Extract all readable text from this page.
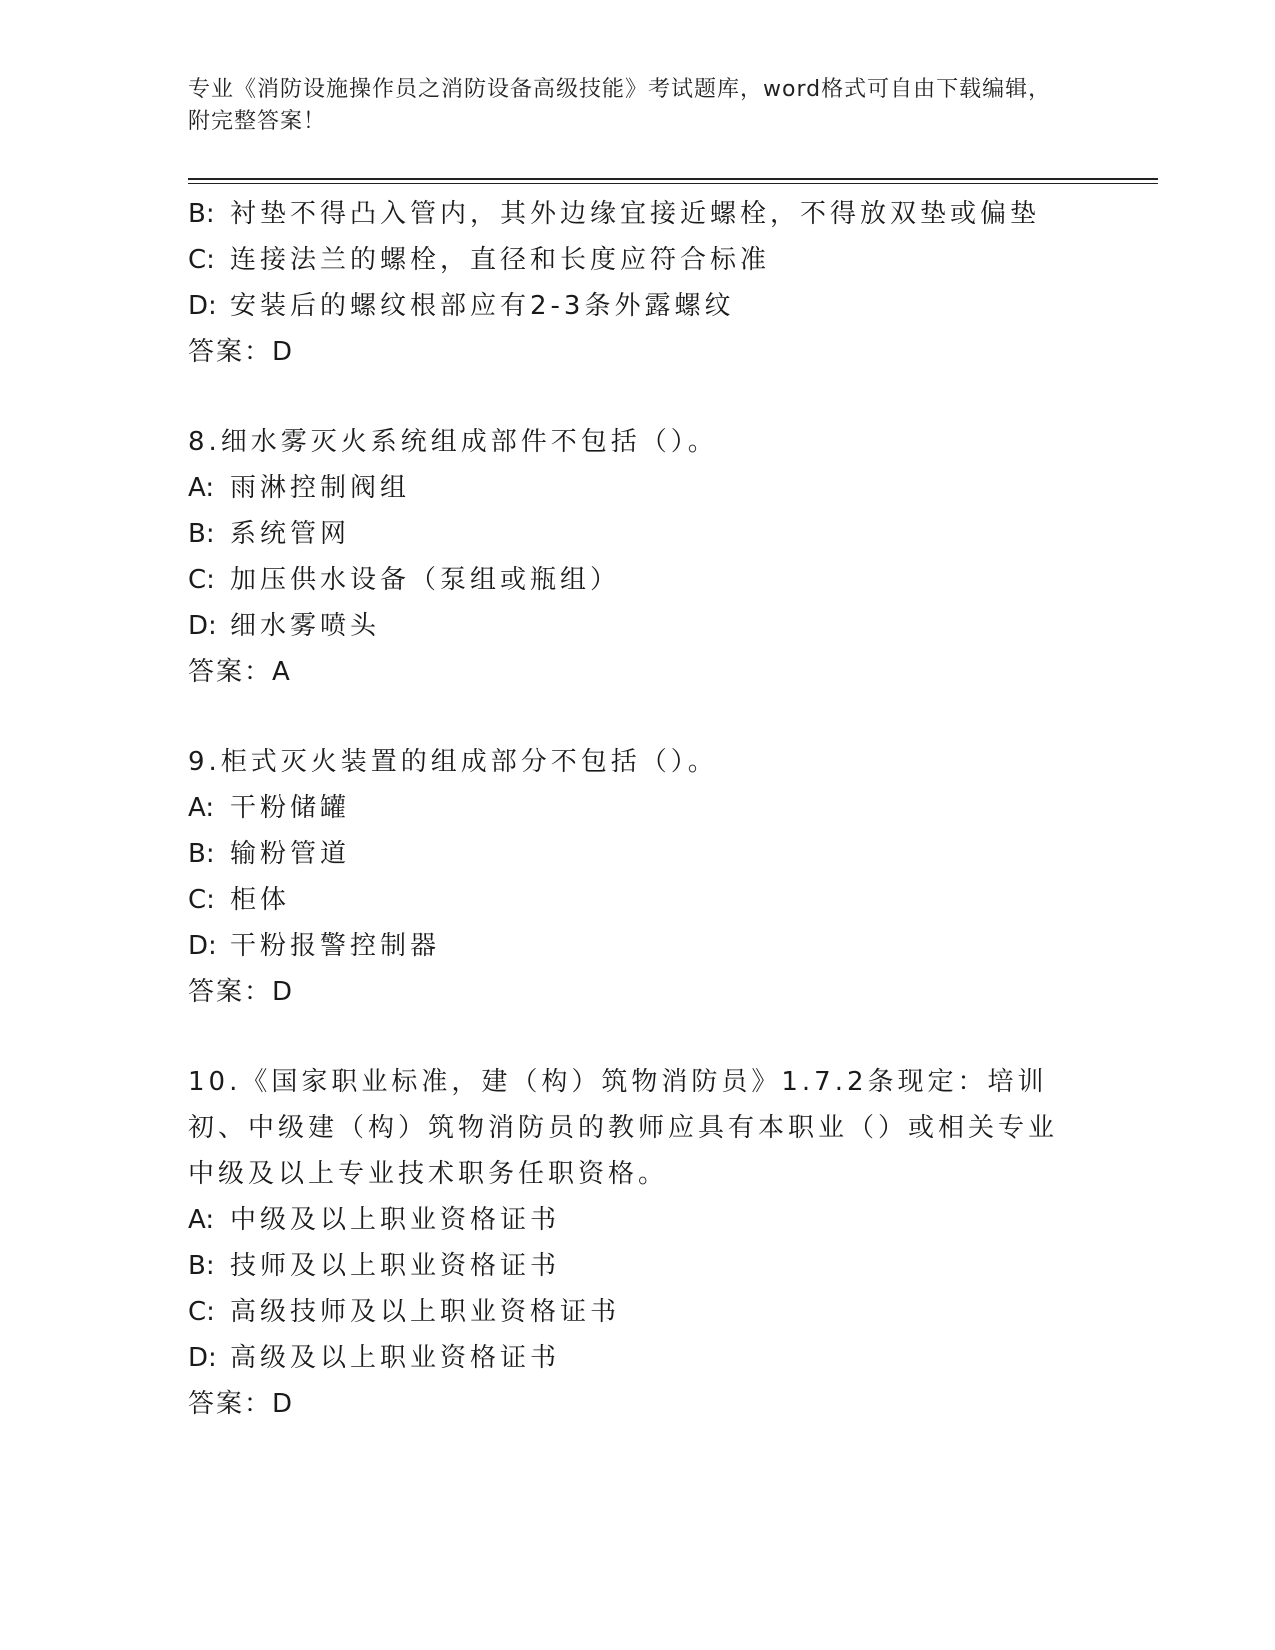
专业《消防设施操作员之消防设备高级技能》考试题库，word格式可自由下载编辑，附完整答案！
B: 衬垫不得凸入管内，其外边缘宜接近螺栓，不得放双垫或偏垫
C: 连接法兰的螺栓，直径和长度应符合标准
D: 安装后的螺纹根部应有2-3条外露螺纹
答案：D
8.细水雾灭火系统组成部件不包括（）。
A: 雨淋控制阀组
B: 系统管网
C: 加压供水设备（泵组或瓶组）
D: 细水雾喷头
答案：A
9.柜式灭火装置的组成部分不包括（）。
A: 干粉储罐
B: 输粉管道
C: 柜体
D: 干粉报警控制器
答案：D
10.《国家职业标准，建（构）筑物消防员》1.7.2条现定：培训初、中级建（构）筑物消防员的教师应具有本职业（）或相关专业中级及以上专业技术职务任职资格。
A: 中级及以上职业资格证书
B: 技师及以上职业资格证书
C: 高级技师及以上职业资格证书
D: 高级及以上职业资格证书
答案：D
